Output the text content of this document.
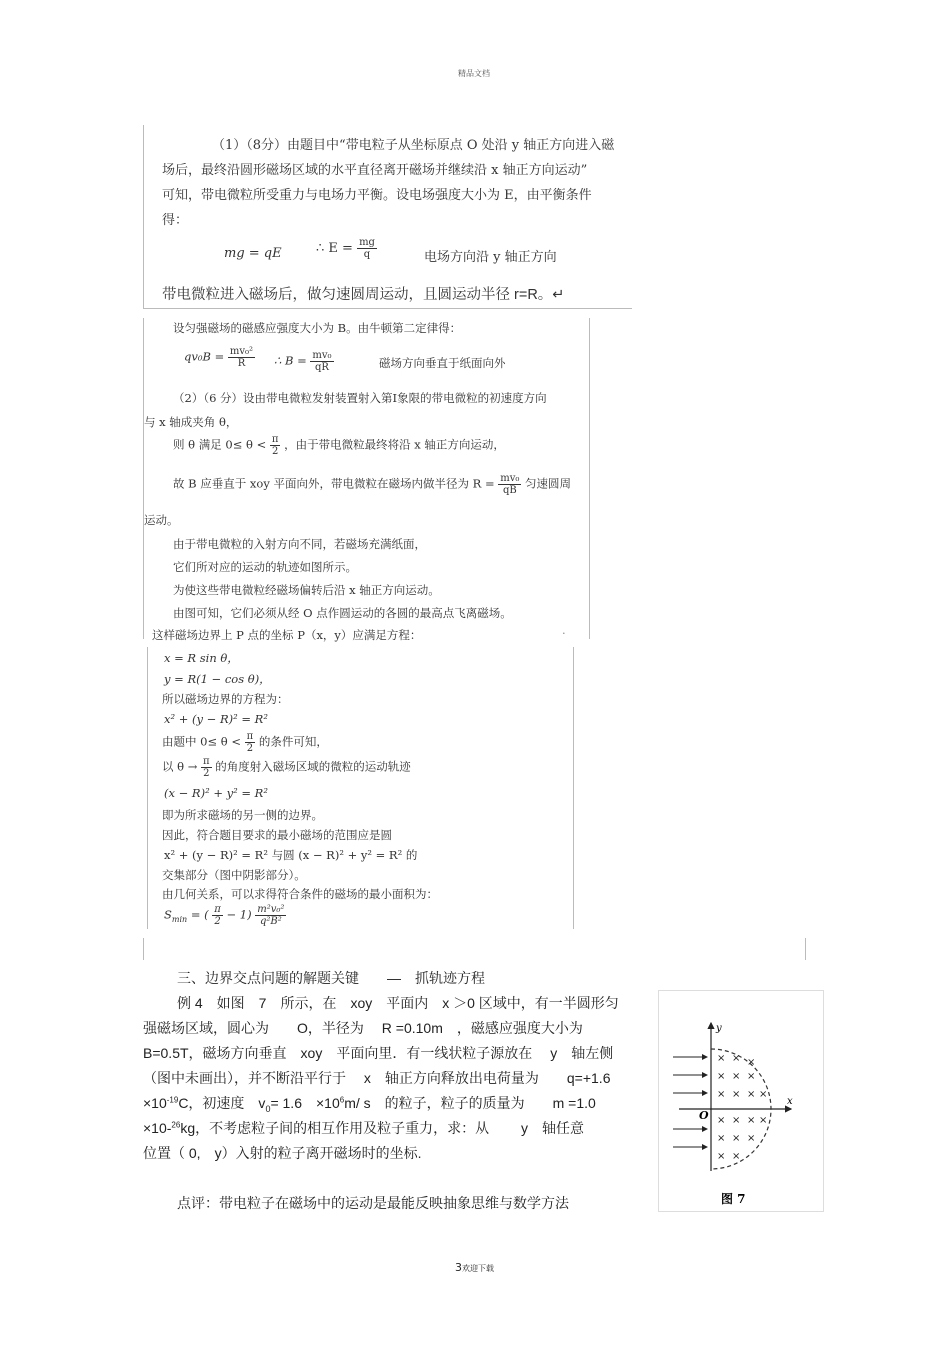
精品文档
（1）（8分）由题目中“带电粒子从坐标原点 O 处沿 y 轴正方向进入磁
场后，最终沿圆形磁场区域的水平直径离开磁场并继续沿 x 轴正方向运动”
可知，带电微粒所受重力与电场力平衡。设电场强度大小为 E，由平衡条件
得：
mg = qE	∴ $E = \frac{mg}{q}$	电场方向沿 y 轴正方向
带电微粒进入磁场后，做匀速圆周运动，且圆运动半径 r=R。↵
设匀强磁场的磁感应强度大小为 B。由牛顿第二定律得：
$qv_0B = \frac{\text{mv₀²}}{R}$ ∴ $B = \frac{\text{mv₀}}{qR}$	磁场方向垂直于纸面向外
（2）（6 分）设由带电微粒发射装置射入第Ⅰ象限的带电微粒的初速度方向
与 x 轴成夹角 θ，
则 θ 满足 $0\le \theta < \frac{\pi}{2}$ ，由于带电微粒最终将沿 x 轴正方向运动，
故 B 应垂直于 xoy 平面向外，带电微粒在磁场内做半径为 $R = \frac{\text{mv₀}}{qB}$ 匀速圆周
运动。
由于带电微粒的入射方向不同，若磁场充满纸面，
它们所对应的运动的轨迹如图所示。
为使这些带电微粒经磁场偏转后沿 x 轴正方向运动。
由图可知，它们必须从经 O 点作圆运动的各圆的最高点飞离磁场。
这样磁场边界上 P 点的坐标 P（x，y）应满足方程：	·
x = R sin θ，
y = R(1 − cos θ)，
所以磁场边界的方程为：
x² + (y − R)² = R²
由题中 $0\le \theta < \frac{\pi}{2}$ 的条件可知，
以 $\theta \to \frac{\pi}{2}$ 的角度射入磁场区域的微粒的运动轨迹
(x − R)² + y² = R²
即为所求磁场的另一侧的边界。
因此，符合题目要求的最小磁场的范围应是圆
x² + (y − R)² = R² 与圆 (x − R)² + y² = R² 的
交集部分（图中阴影部分）。
由几何关系，可以求得符合条件的磁场的最小面积为：
$S_{min}$ = ( $\frac{\pi}{2} - 1) \frac{\text{m²v₀²}}{\text{q²B²}}$
三、边界交点问题的解题关键　　—　抓轨迹方程
例 4　如图　7　所示，在　xoy　平面内　x ＞0 区域中，有一半圆形匀
强磁场区域，圆心为　　O，半径为　 R =0.10m　，磁感应强度大小为
B=0.5T，磁场方向垂直　xoy　平面向里．有一线状粒子源放在　 y　轴左侧
（图中未画出），并不断沿平行于　 x　轴正方向释放出电荷量为　　q=+1.6
$\times 10^{-19}C$，初速度　$v_0= 1.6$　$\times 10^6m/$ s　的粒子，粒子的质量为　　m =1.0
×10-$^{26}$kg，不考虑粒子间的相互作用及粒子重力，求：从　　 y　轴任意
位置（ 0,　y）入射的粒子离开磁场时的坐标.
点评：带电粒子在磁场中的运动是最能反映抽象思维与数学方法
× × ×
× × ×
× × × ×
× × × ×
× × ×
× ×
y
x
O
图 7
3欢迎下载
